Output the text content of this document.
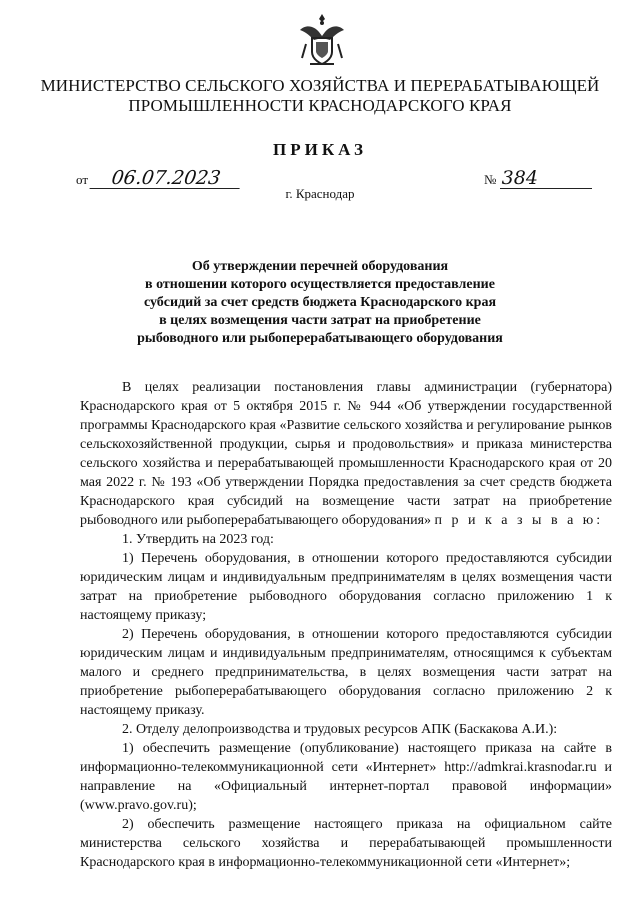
МИНИСТЕРСТВО СЕЛЬСКОГО ХОЗЯЙСТВА И ПЕРЕРАБАТЫВАЮЩЕЙ
ПРОМЫШЛЕННОСТИ КРАСНОДАРСКОГО КРАЯ
ПРИКАЗ
от 06.07.2023	№ 384
г. Краснодар
Об утверждении перечней оборудования
в отношении которого осуществляется предоставление
субсидий за счет средств бюджета Краснодарского края
в целях возмещения части затрат на приобретение
рыбоводного или рыбоперерабатывающего оборудования

В целях реализации постановления главы администрации (губернатора) Краснодарского края от 5 октября 2015 г. № 944 «Об утверждении государственной программы Краснодарского края «Развитие сельского хозяйства и регулирование рынков сельскохозяйственной продукции, сырья и продовольствия» и приказа министерства сельского хозяйства и перерабатывающей промышленности Краснодарского края от 20 мая 2022 г. № 193 «Об утверждении Порядка предоставления за счет средств бюджета Краснодарского края субсидий на возмещение части затрат на приобретение рыбоводного или рыбоперерабатывающего оборудования» п р и к а з ы в а ю:

1. Утвердить на 2023 год:

1) Перечень оборудования, в отношении которого предоставляются субсидии юридическим лицам и индивидуальным предпринимателям в целях возмещения части затрат на приобретение рыбоводного оборудования согласно приложению 1 к настоящему приказу;

2) Перечень оборудования, в отношении которого предоставляются субсидии юридическим лицам и индивидуальным предпринимателям, относящимся к субъектам малого и среднего предпринимательства, в целях возмещения части затрат на приобретение рыбоперерабатывающего оборудования согласно приложению 2 к настоящему приказу.

2. Отделу делопроизводства и трудовых ресурсов АПК (Баскакова А.И.):

1) обеспечить размещение (опубликование) настоящего приказа на сайте в информационно-телекоммуникационной сети «Интернет» http://admkrai.krasnodar.ru и направление на «Официальный интернет-портал правовой информации» (www.pravo.gov.ru);

2) обеспечить размещение настоящего приказа на официальном сайте министерства сельского хозяйства и перерабатывающей промышленности Краснодарского края в информационно-телекоммуникационной сети «Интернет»;
